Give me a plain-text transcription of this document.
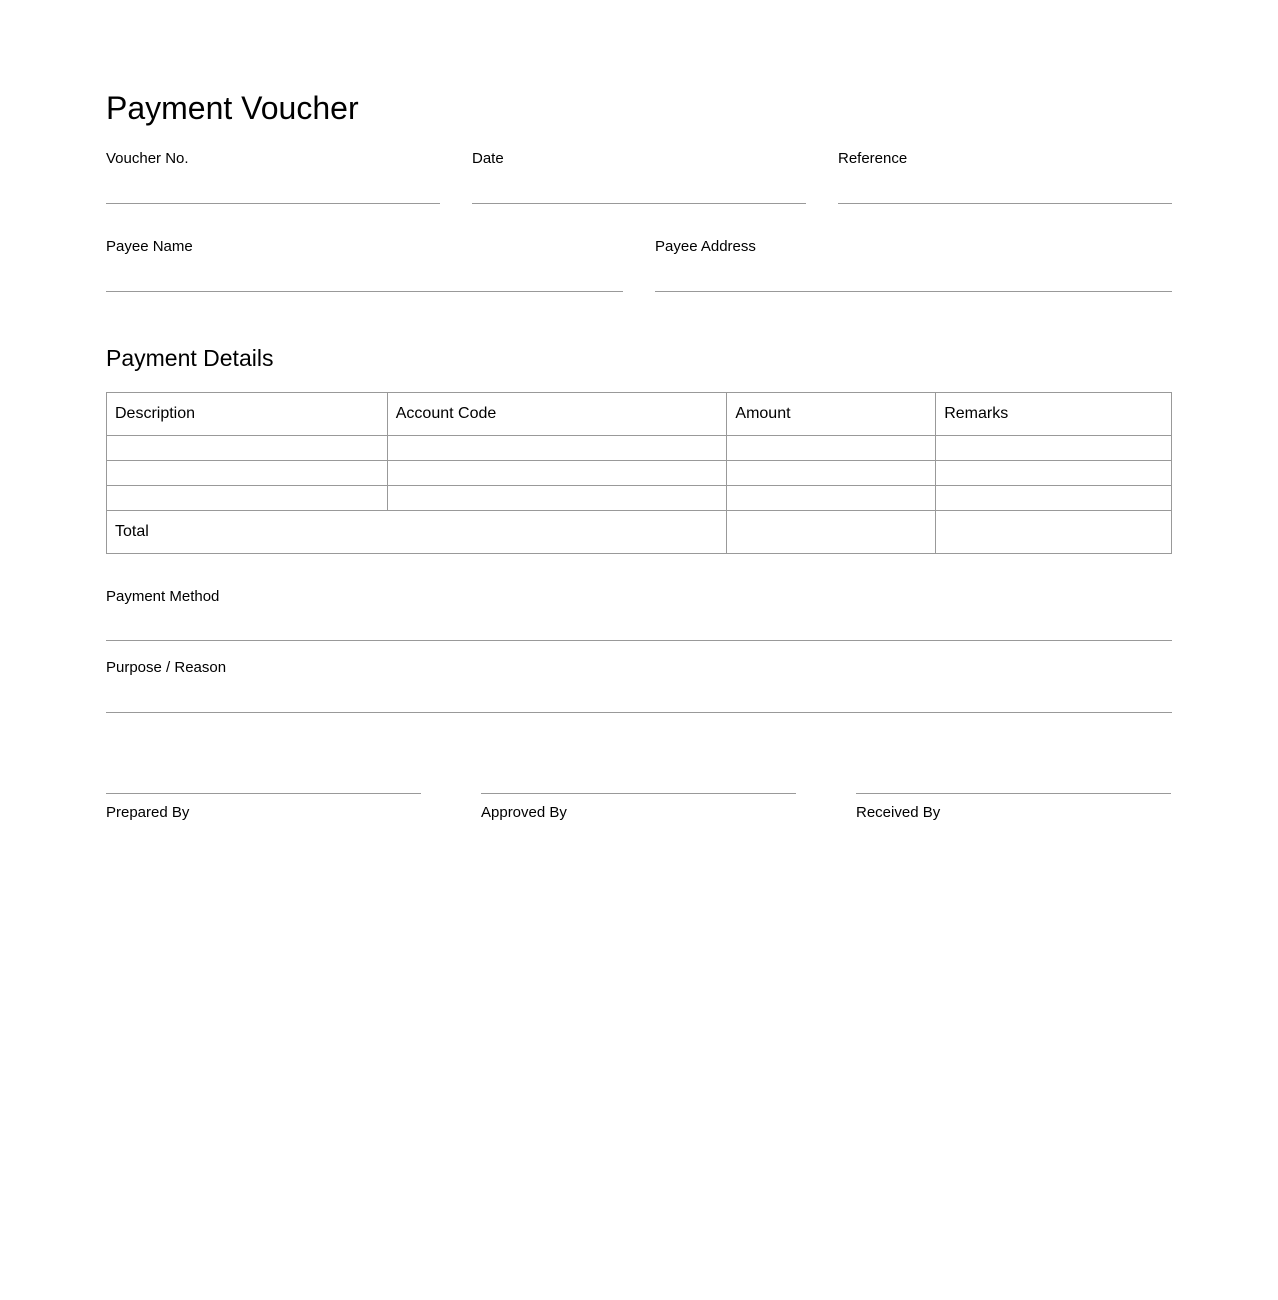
Payment Voucher
Voucher No.	Date	Reference
Payee Name	Payee Address
Payment Details
Description	Account Code	Amount	Remarks

Total			
Payment Method
Purpose / Reason
Prepared By	Approved By	Received By
